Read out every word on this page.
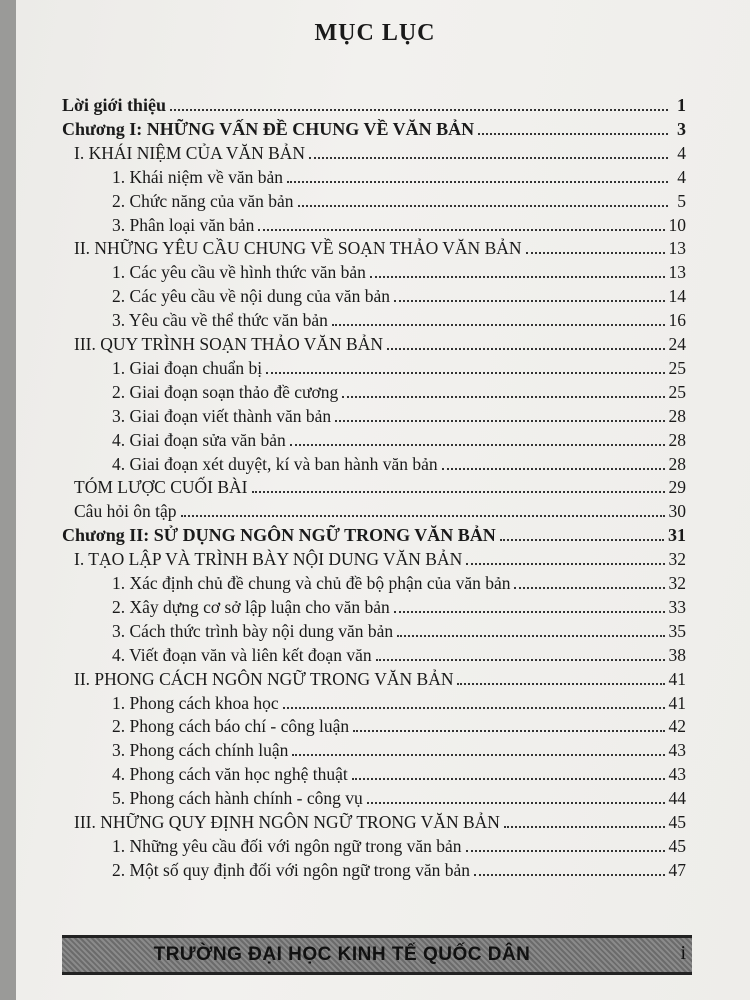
MỤC LỤC
Lời giới thiệu	1
Chương I: NHỮNG VẤN ĐỀ CHUNG VỀ VĂN BẢN	3
I. KHÁI NIỆM CỦA VĂN BẢN	4
1. Khái niệm về văn bản	4
2. Chức năng của văn bản	5
3. Phân loại văn bản	10
II. NHỮNG YÊU CẦU CHUNG VỀ SOẠN THẢO VĂN BẢN	13
1. Các yêu cầu về hình thức văn bản	13
2. Các yêu cầu về nội dung của văn bản	14
3. Yêu cầu về thể thức văn bản	16
III. QUY TRÌNH SOẠN THẢO VĂN BẢN	24
1. Giai đoạn chuẩn bị	25
2. Giai đoạn soạn thảo đề cương	25
3. Giai đoạn viết thành văn bản	28
4. Giai đoạn sửa văn bản	28
4. Giai đoạn xét duyệt, kí và ban hành văn bản	28
TÓM LƯỢC CUỐI BÀI	29
Câu hỏi ôn tập	30
Chương II: SỬ DỤNG NGÔN NGỮ TRONG VĂN BẢN	31
I. TẠO LẬP VÀ TRÌNH BÀY NỘI DUNG VĂN BẢN	32
1. Xác định chủ đề chung và chủ đề bộ phận của văn bản	32
2. Xây dựng cơ sở lập luận cho văn bản	33
3. Cách thức trình bày nội dung văn bản	35
4. Viết đoạn văn và liên kết đoạn văn	38
II. PHONG CÁCH NGÔN NGỮ TRONG VĂN BẢN	41
1. Phong cách khoa học	41
2. Phong cách báo chí - công luận	42
3. Phong cách chính luận	43
4. Phong cách văn học nghệ thuật	43
5. Phong cách hành chính - công vụ	44
III. NHỮNG QUY ĐỊNH NGÔN NGỮ TRONG VĂN BẢN	45
1. Những yêu cầu đối với ngôn ngữ trong văn bản	45
2. Một số quy định đối với ngôn ngữ trong văn bản	47
TRƯỜNG ĐẠI HỌC KINH TẾ QUỐC DÂN	i
